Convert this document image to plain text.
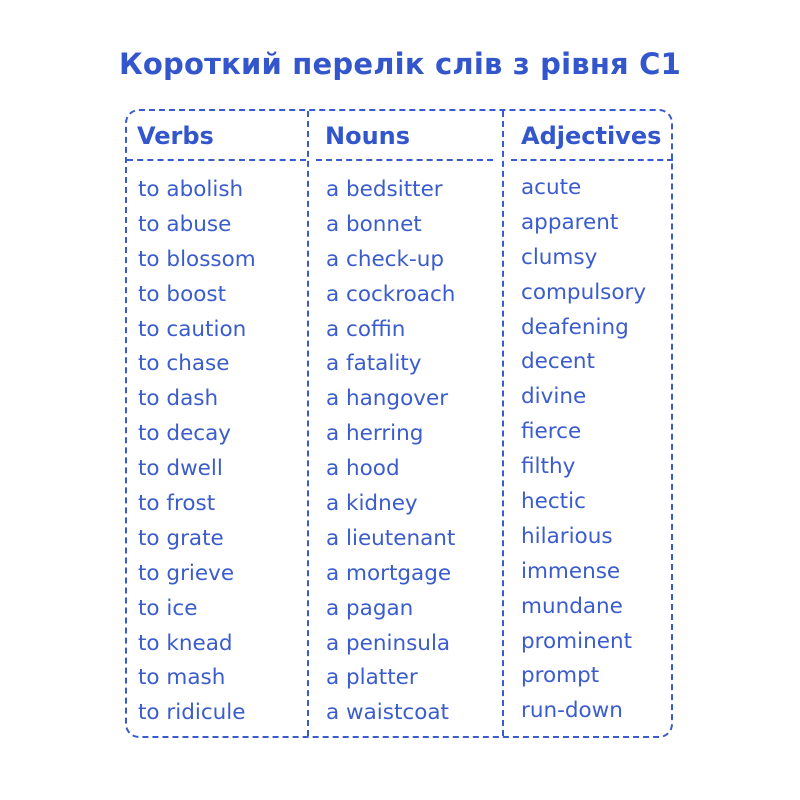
Короткий перелік слів з рівня С1
Verbs	Nouns	Adjectives
to abolish
to abuse
to blossom
to boost
to caution
to chase
to dash
to decay
to dwell
to frost
to grate
to grieve
to ice
to knead
to mash
to ridicule
a bedsitter
a bonnet
a check-up
a cockroach
a coffin
a fatality
a hangover
a herring
a hood
a kidney
a lieutenant
a mortgage
a pagan
a peninsula
a platter
a waistcoat
acute
apparent
clumsy
compulsory
deafening
decent
divine
fierce
filthy
hectic
hilarious
immense
mundane
prominent
prompt
run-down
